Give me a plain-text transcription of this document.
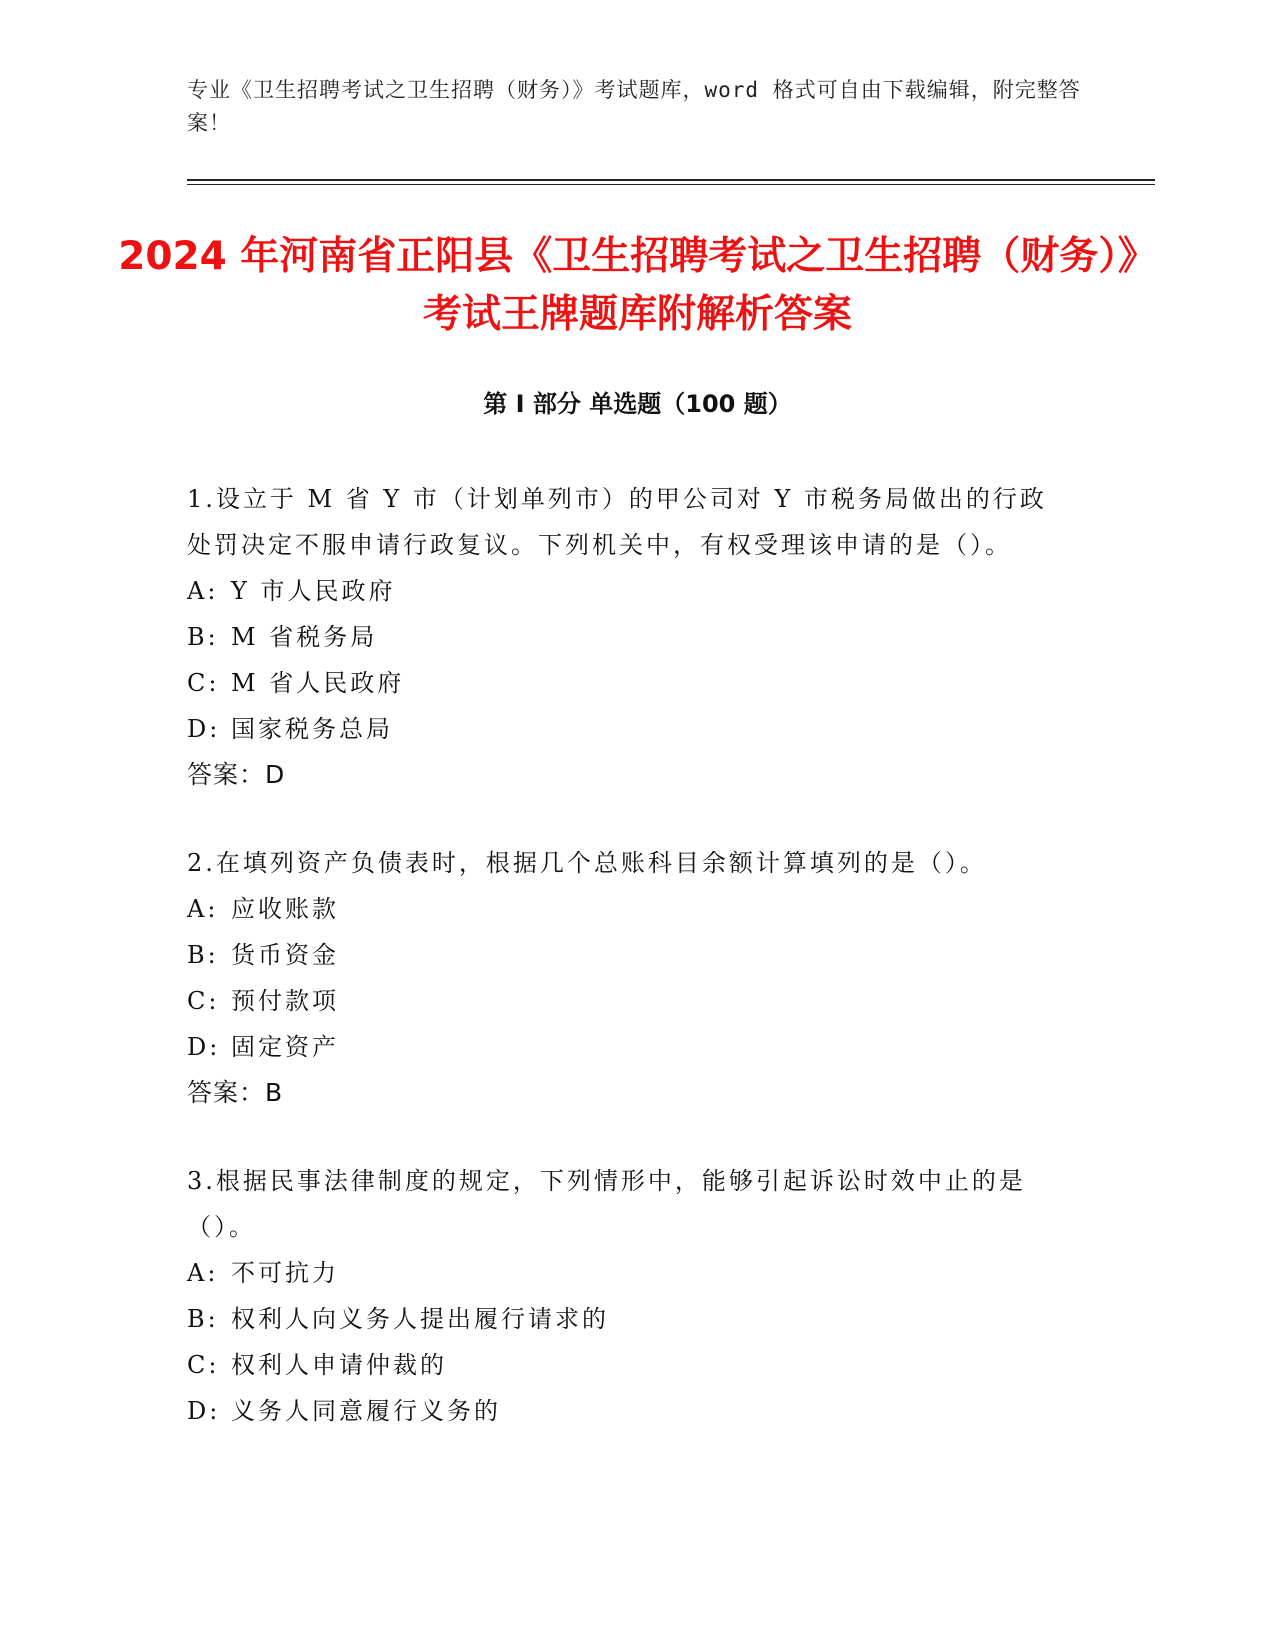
专业《卫生招聘考试之卫生招聘（财务）》考试题库，word 格式可自由下载编辑，附完整答案！
2024 年河南省正阳县《卫生招聘考试之卫生招聘（财务）》考试王牌题库附解析答案
第 I 部分 单选题（100 题）
1.设立于 M 省 Y 市（计划单列市）的甲公司对 Y 市税务局做出的行政处罚决定不服申请行政复议。下列机关中，有权受理该申请的是（）。
A: Y 市人民政府
B: M 省税务局
C: M 省人民政府
D: 国家税务总局
答案：D
2.在填列资产负债表时，根据几个总账科目余额计算填列的是（）。
A: 应收账款
B: 货币资金
C: 预付款项
D: 固定资产
答案：B
3.根据民事法律制度的规定，下列情形中，能够引起诉讼时效中止的是（）。
A: 不可抗力
B: 权利人向义务人提出履行请求的
C: 权利人申请仲裁的
D: 义务人同意履行义务的
